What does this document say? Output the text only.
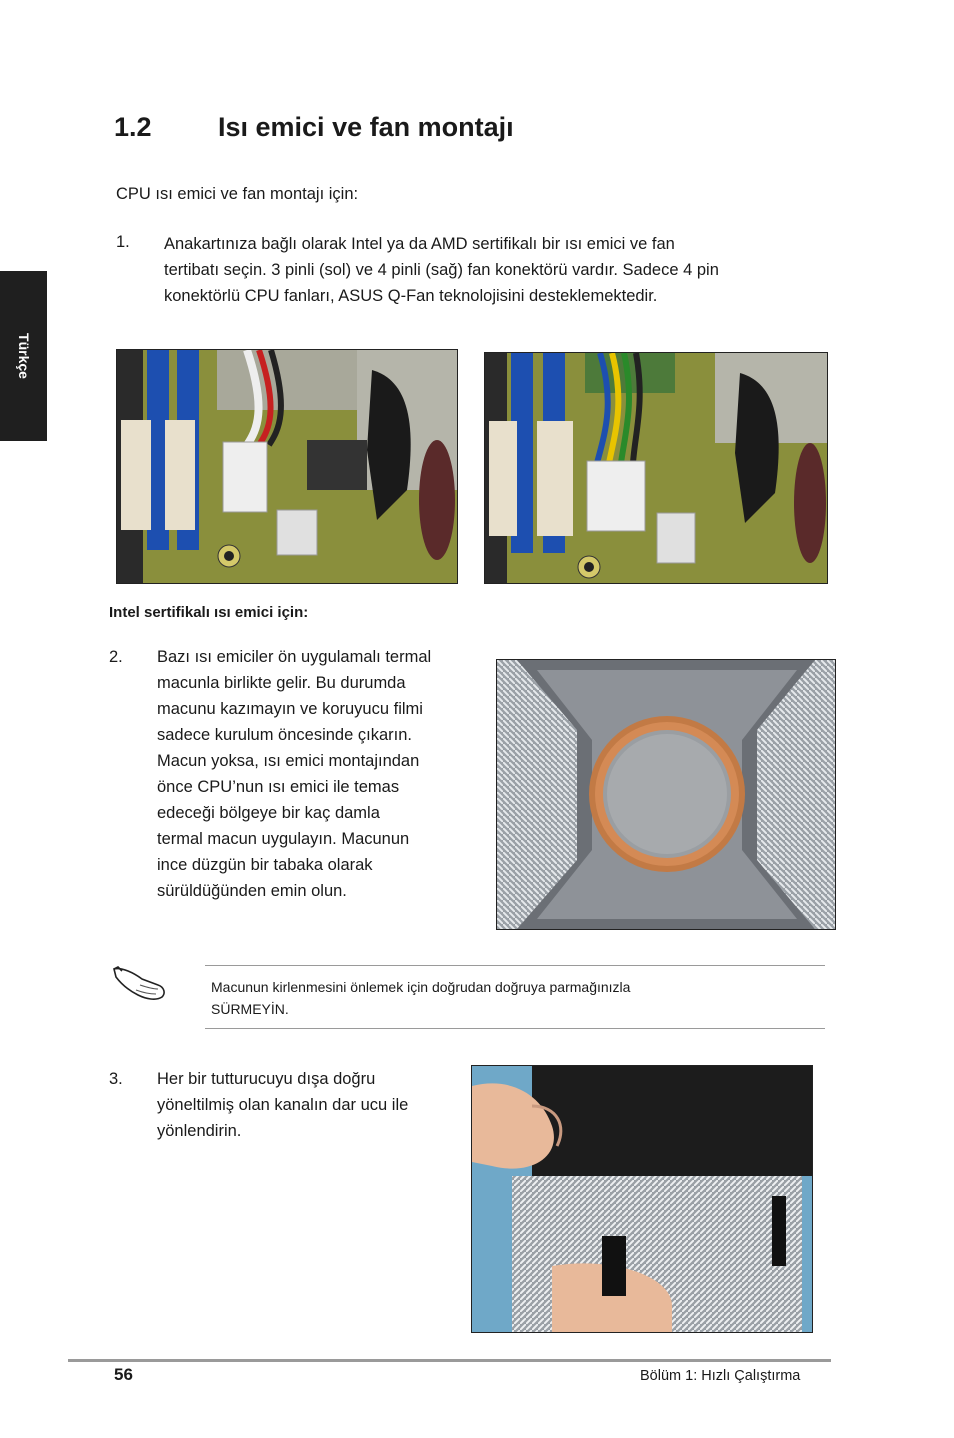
Türkçe
1.2 Isı emici ve fan montajı
CPU ısı emici ve fan montajı için:
1. Anakartınıza bağlı olarak Intel ya da AMD sertifikalı bir ısı emici ve fan
tertibatı seçin. 3 pinli (sol) ve 4 pinli (sağ) fan konektörü vardır. Sadece 4 pin
konektörlü CPU fanları, ASUS Q-Fan teknolojisini desteklemektedir.
Intel sertifikalı ısı emici için:
2. Bazı ısı emiciler ön uygulamalı termal
macunla birlikte gelir. Bu durumda
macunu kazımayın ve koruyucu filmi
sadece kurulum öncesinde çıkarın.
Macun yoksa, ısı emici montajından
önce CPU’nun ısı emici ile temas
edeceği bölgeye bir kaç damla
termal macun uygulayın. Macunun
ince düzgün bir tabaka olarak
sürüldüğünden emin olun.
Macunun kirlenmesini önlemek için doğrudan doğruya parmağınızla
SÜRMEYİN.
3. Her bir tutturucuyu dışa doğru
yöneltilmiş olan kanalın dar ucu ile
yönlendirin.
56	Bölüm 1: Hızlı Çalıştırma
